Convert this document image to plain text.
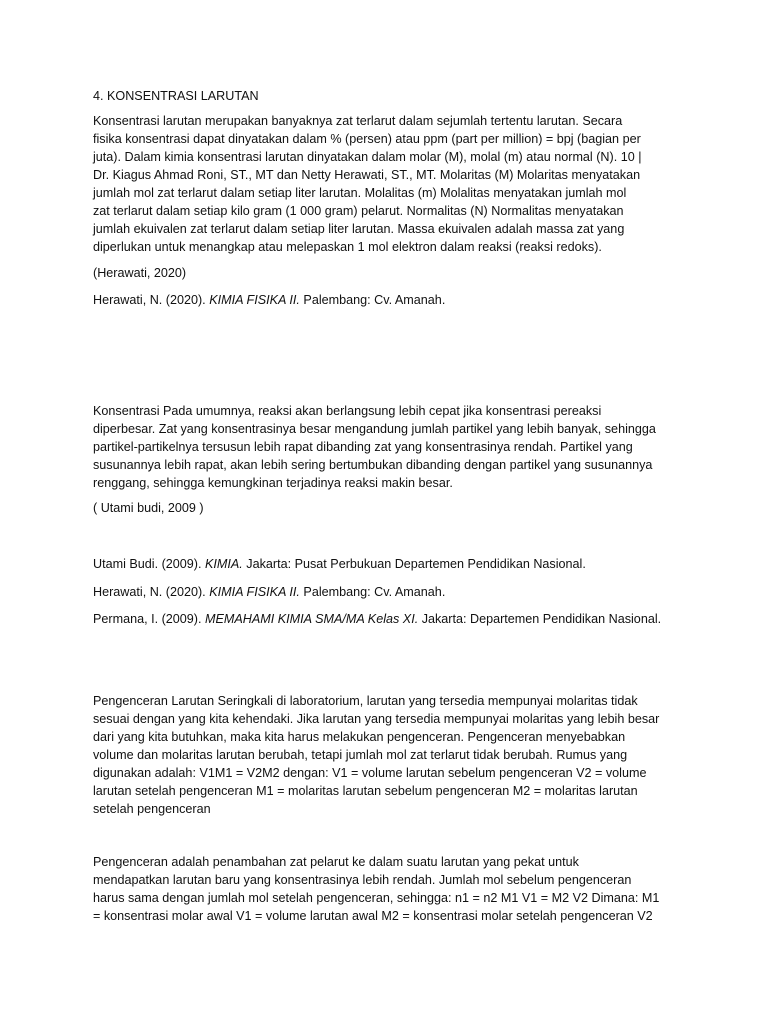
4. KONSENTRASI LARUTAN
Konsentrasi larutan merupakan banyaknya zat terlarut dalam sejumlah tertentu larutan. Secara
fisika konsentrasi dapat dinyatakan dalam % (persen) atau ppm (part per million) = bpj (bagian per
juta). Dalam kimia konsentrasi larutan dinyatakan dalam molar (M), molal (m) atau normal (N). 10 |
Dr. Kiagus Ahmad Roni, ST., MT dan Netty Herawati, ST., MT. Molaritas (M) Molaritas menyatakan
jumlah mol zat terlarut dalam setiap liter larutan. Molalitas (m) Molalitas menyatakan jumlah mol
zat terlarut dalam setiap kilo gram (1 000 gram) pelarut. Normalitas (N) Normalitas menyatakan
jumlah ekuivalen zat terlarut dalam setiap liter larutan. Massa ekuivalen adalah massa zat yang
diperlukan untuk menangkap atau melepaskan 1 mol elektron dalam reaksi (reaksi redoks).
(Herawati, 2020)
Herawati, N. (2020). KIMIA FISIKA II. Palembang: Cv. Amanah.
Konsentrasi Pada umumnya, reaksi akan berlangsung lebih cepat jika konsentrasi pereaksi
diperbesar. Zat yang konsentrasinya besar mengandung jumlah partikel yang lebih banyak, sehingga
partikel-partikelnya tersusun lebih rapat dibanding zat yang konsentrasinya rendah. Partikel yang
susunannya lebih rapat, akan lebih sering bertumbukan dibanding dengan partikel yang susunannya
renggang, sehingga kemungkinan terjadinya reaksi makin besar.
( Utami budi, 2009 )
Utami Budi. (2009). KIMIA. Jakarta: Pusat Perbukuan Departemen Pendidikan Nasional.
Herawati, N. (2020). KIMIA FISIKA II. Palembang: Cv. Amanah.
Permana, I. (2009). MEMAHAMI KIMIA SMA/MA Kelas XI. Jakarta: Departemen Pendidikan Nasional.
Pengenceran Larutan Seringkali di laboratorium, larutan yang tersedia mempunyai molaritas tidak
sesuai dengan yang kita kehendaki. Jika larutan yang tersedia mempunyai molaritas yang lebih besar
dari yang kita butuhkan, maka kita harus melakukan pengenceran. Pengenceran menyebabkan
volume dan molaritas larutan berubah, tetapi jumlah mol zat terlarut tidak berubah. Rumus yang
digunakan adalah: V1M1 = V2M2 dengan: V1 = volume larutan sebelum pengenceran V2 = volume
larutan setelah pengenceran M1 = molaritas larutan sebelum pengenceran M2 = molaritas larutan
setelah pengenceran
Pengenceran adalah penambahan zat pelarut ke dalam suatu larutan yang pekat untuk
mendapatkan larutan baru yang konsentrasinya lebih rendah. Jumlah mol sebelum pengenceran
harus sama dengan jumlah mol setelah pengenceran, sehingga: n1 = n2 M1 V1 = M2 V2 Dimana: M1
= konsentrasi molar awal V1 = volume larutan awal M2 = konsentrasi molar setelah pengenceran V2
